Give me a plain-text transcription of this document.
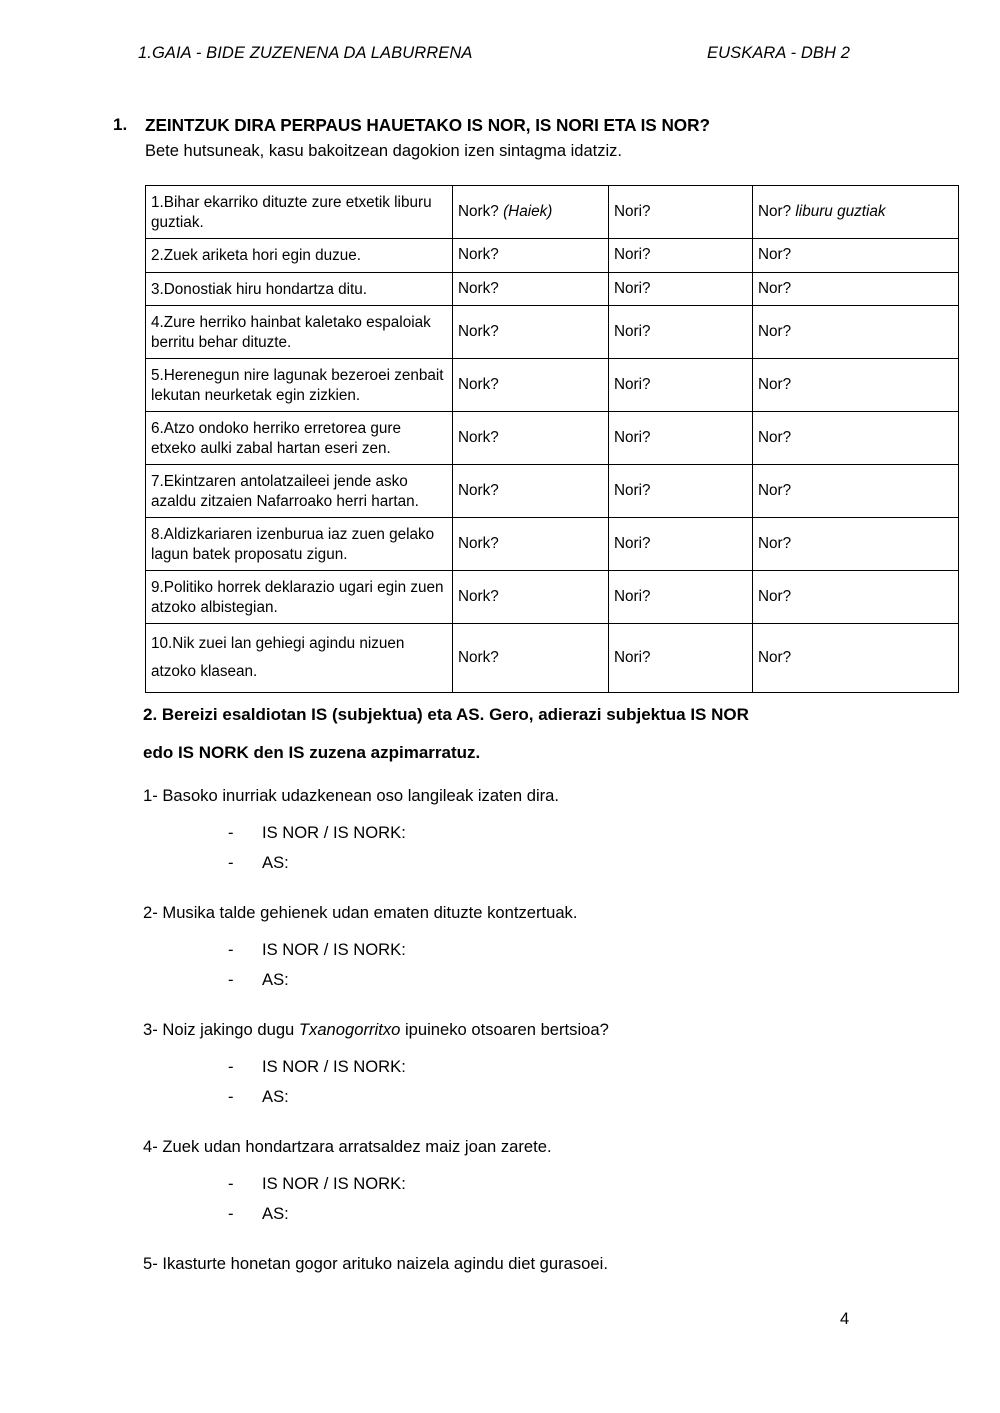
1.GAIA - BIDE ZUZENENA DA LABURRENA	EUSKARA - DBH 2
1.	ZEINTZUK DIRA PERPAUS HAUETAKO IS NOR, IS NORI ETA IS NOR?
Bete hutsuneak, kasu bakoitzean dagokion izen sintagma idatziz.
1.Bihar ekarriko dituzte zure etxetik liburu guztiak.	Nork? (Haiek)	Nori?	Nor? liburu guztiak
2.Zuek ariketa hori egin duzue.	Nork?	Nori?	Nor?
3.Donostiak hiru hondartza ditu.	Nork?	Nori?	Nor?
4.Zure herriko hainbat kaletako espaloiak berritu behar dituzte.	Nork?	Nori?	Nor?
5.Herenegun nire lagunak bezeroei zenbait lekutan neurketak egin zizkien.	Nork?	Nori?	Nor?
6.Atzo ondoko herriko erretorea gure etxeko aulki zabal hartan eseri zen.	Nork?	Nori?	Nor?
7.Ekintzaren antolatzaileei jende asko azaldu zitzaien Nafarroako herri hartan.	Nork?	Nori?	Nor?
8.Aldizkariaren izenburua iaz zuen gelako lagun batek proposatu zigun.	Nork?	Nori?	Nor?
9.Politiko horrek deklarazio ugari egin zuen atzoko albistegian.	Nork?	Nori?	Nor?
10.Nik zuei lan gehiegi agindu nizuen atzoko klasean.	Nork?	Nori?	Nor?
2. Bereizi esaldiotan IS (subjektua) eta AS. Gero, adierazi subjektua IS NOR
edo IS NORK den IS zuzena azpimarratuz.
1- Basoko inurriak udazkenean oso langileak izaten dira.
-	IS NOR / IS NORK:
-	AS:
2- Musika talde gehienek udan ematen dituzte kontzertuak.
-	IS NOR / IS NORK:
-	AS:
3- Noiz jakingo dugu Txanogorritxo ipuineko otsoaren bertsioa?
-	IS NOR / IS NORK:
-	AS:
4- Zuek udan hondartzara arratsaldez maiz joan zarete.
-	IS NOR / IS NORK:
-	AS:
5- Ikasturte honetan gogor arituko naizela agindu diet gurasoei.
4
